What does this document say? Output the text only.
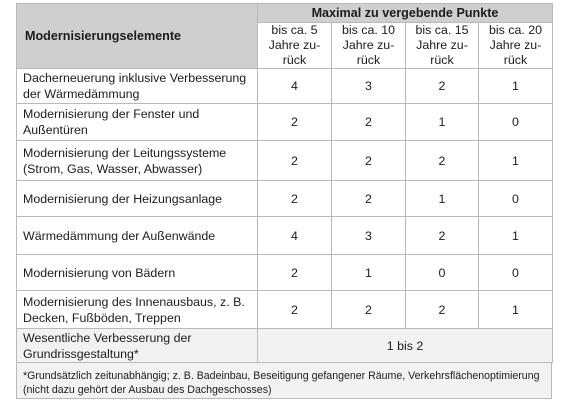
Modernisierungselemente	Maximal zu vergebende Punkte			
	bis ca. 5 Jahre zu-rück	bis ca. 10 Jahre zu-rück	bis ca. 15 Jahre zu-rück	bis ca. 20 Jahre zu-rück
Dacherneuerung inklusive Verbesserung der Wärmedämmung	4	3	2	1
Modernisierung der Fenster und Außentüren	2	2	1	0
Modernisierung der Leitungssysteme (Strom, Gas, Wasser, Abwasser)	2	2	2	1
Modernisierung der Heizungsanlage	2	2	1	0
Wärmedämmung der Außenwände	4	3	2	1
Modernisierung von Bädern	2	1	0	0
Modernisierung des Innenausbaus, z. B. Decken, Fußböden, Treppen	2	2	2	1
Wesentliche Verbesserung der Grundrissgestaltung*	1 bis 2			
*Grundsätzlich zeitunabhängig; z. B. Badeinbau, Beseitigung gefangener Räume, Verkehrsflächenoptimierung (nicht dazu gehört der Ausbau des Dachgeschosses)
